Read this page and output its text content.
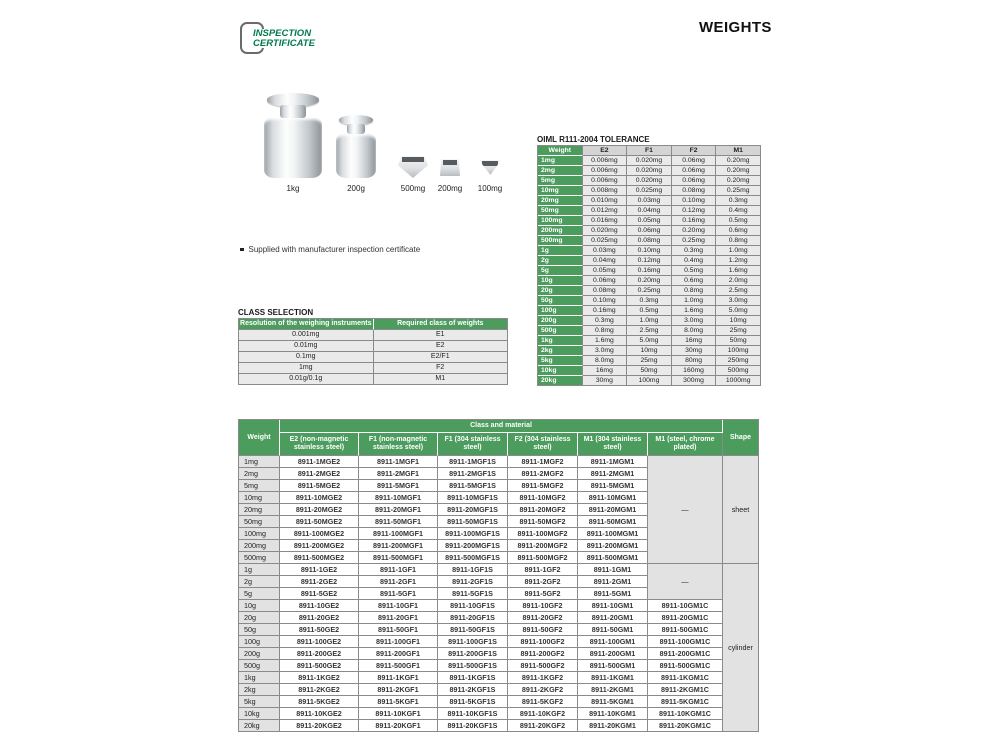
INSPECTION
CERTIFICATE
WEIGHTS
1kg	200g	500mg 200mg 100mg
Supplied with manufacturer inspection certificate
OIML R111-2004 TOLERANCE
Weight	E2	F1	F2	M1
1mg	0.006mg	0.020mg	0.06mg	0.20mg
2mg	0.006mg	0.020mg	0.06mg	0.20mg
5mg	0.006mg	0.020mg	0.06mg	0.20mg
10mg	0.008mg	0.025mg	0.08mg	0.25mg
20mg	0.010mg	0.03mg	0.10mg	0.3mg
50mg	0.012mg	0.04mg	0.12mg	0.4mg
100mg	0.016mg	0.05mg	0.16mg	0.5mg
200mg	0.020mg	0.06mg	0.20mg	0.6mg
500mg	0.025mg	0.08mg	0.25mg	0.8mg
1g	0.03mg	0.10mg	0.3mg	1.0mg
2g	0.04mg	0.12mg	0.4mg	1.2mg
5g	0.05mg	0.16mg	0.5mg	1.6mg
10g	0.06mg	0.20mg	0.6mg	2.0mg
20g	0.08mg	0.25mg	0.8mg	2.5mg
50g	0.10mg	0.3mg	1.0mg	3.0mg
100g	0.16mg	0.5mg	1.6mg	5.0mg
200g	0.3mg	1.0mg	3.0mg	10mg
500g	0.8mg	2.5mg	8.0mg	25mg
1kg	1.6mg	5.0mg	16mg	50mg
2kg	3.0mg	10mg	30mg	100mg
5kg	8.0mg	25mg	80mg	250mg
10kg	16mg	50mg	160mg	500mg
20kg	30mg	100mg	300mg	1000mg
CLASS SELECTION
Resolution of the weighing instruments	Required class of weights
0.001mg	E1
0.01mg	E2
0.1mg	E2/F1
1mg	F2
0.01g/0.1g	M1
Weight	Class and material						Shape
	E2 (non-magnetic stainless steel)	F1 (non-magnetic stainless steel)	F1 (304 stainless steel)	F2 (304 stainless steel)	M1 (304 stainless steel)	M1 (steel, chrome plated)	
1mg	8911-1MGE2	8911-1MGF1	8911-1MGF1S	8911-1MGF2	8911-1MGM1	—	sheet
2mg	8911-2MGE2	8911-2MGF1	8911-2MGF1S	8911-2MGF2	8911-2MGM1		
5mg	8911-5MGE2	8911-5MGF1	8911-5MGF1S	8911-5MGF2	8911-5MGM1		
10mg	8911-10MGE2	8911-10MGF1	8911-10MGF1S	8911-10MGF2	8911-10MGM1		
20mg	8911-20MGE2	8911-20MGF1	8911-20MGF1S	8911-20MGF2	8911-20MGM1		
50mg	8911-50MGE2	8911-50MGF1	8911-50MGF1S	8911-50MGF2	8911-50MGM1		
100mg	8911-100MGE2	8911-100MGF1	8911-100MGF1S	8911-100MGF2	8911-100MGM1		
200mg	8911-200MGE2	8911-200MGF1	8911-200MGF1S	8911-200MGF2	8911-200MGM1		
500mg	8911-500MGE2	8911-500MGF1	8911-500MGF1S	8911-500MGF2	8911-500MGM1		
1g	8911-1GE2	8911-1GF1	8911-1GF1S	8911-1GF2	8911-1GM1	—	cylinder
2g	8911-2GE2	8911-2GF1	8911-2GF1S	8911-2GF2	8911-2GM1		
5g	8911-5GE2	8911-5GF1	8911-5GF1S	8911-5GF2	8911-5GM1		
10g	8911-10GE2	8911-10GF1	8911-10GF1S	8911-10GF2	8911-10GM1	8911-10GM1C	
20g	8911-20GE2	8911-20GF1	8911-20GF1S	8911-20GF2	8911-20GM1	8911-20GM1C	
50g	8911-50GE2	8911-50GF1	8911-50GF1S	8911-50GF2	8911-50GM1	8911-50GM1C	
100g	8911-100GE2	8911-100GF1	8911-100GF1S	8911-100GF2	8911-100GM1	8911-100GM1C	
200g	8911-200GE2	8911-200GF1	8911-200GF1S	8911-200GF2	8911-200GM1	8911-200GM1C	
500g	8911-500GE2	8911-500GF1	8911-500GF1S	8911-500GF2	8911-500GM1	8911-500GM1C	
1kg	8911-1KGE2	8911-1KGF1	8911-1KGF1S	8911-1KGF2	8911-1KGM1	8911-1KGM1C	
2kg	8911-2KGE2	8911-2KGF1	8911-2KGF1S	8911-2KGF2	8911-2KGM1	8911-2KGM1C	
5kg	8911-5KGE2	8911-5KGF1	8911-5KGF1S	8911-5KGF2	8911-5KGM1	8911-5KGM1C	
10kg	8911-10KGE2	8911-10KGF1	8911-10KGF1S	8911-10KGF2	8911-10KGM1	8911-10KGM1C	
20kg	8911-20KGE2	8911-20KGF1	8911-20KGF1S	8911-20KGF2	8911-20KGM1	8911-20KGM1C	
